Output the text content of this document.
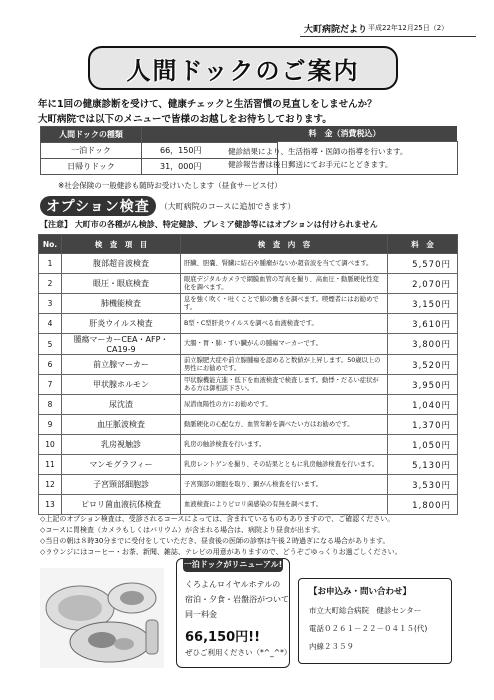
大町病院だより 平成22年12月25日（2）
人間ドックのご案内
年に1回の健康診断を受けて、健康チェックと生活習慣の見直しをしませんか？
大町病院では以下のメニューで皆様のお越しをお待ちしております。
人間ドックの種類	
一泊ドック	66，150円
日帰りドック	31，000円
料　金（消費税込）
健診結果により、生活指導・医師の指導を行います。
健診報告書は後日郵送にてお手元にとどきます。
※社会保険の一般健診も随時お受けいたします（昼食サービス付）
オプション検査	（大町病院のコースに追加できます）
【注意】 大町市の各種がん検診、特定健診、プレミア健診等にはオプションは付けられません
No.	検　査　項　目	検　査　内　容	料　金
1	腹部超音波検査	肝臓、胆嚢、腎臓に結石や腫瘤がないか超音波を当てて調べます。	5,570円
2	眼圧・眼底検査	眼底デジタルカメラで網膜血管の写真を撮り、高血圧・動脈硬化性変化を調べます。	2,070円
3	肺機能検査	息を強く吹く・吐くことで肺の働きを調べます。喫煙者にはお勧めです。	3,150円
4	肝炎ウイルス検査	B型・C型肝炎ウイルスを調べる血液検査です。	3,610円
5	腫瘍マーカーCEA・AFP・CA19-9	大腸・胃・肺・すい臓がんの腫瘍マーカーです。	3,800円
6	前立腺マーカー	前立腺肥大症や前立腺腫瘍を認めると数値が上昇します。50歳以上の男性にお勧めです。	3,520円
7	甲状腺ホルモン	甲状腺機能亢進・低下を血液検査で検査します。動悸・だるい症状がある方は御相談下さい。	3,950円
8	尿沈渣	尿潜血陽性の方にお勧めです。	1,040円
9	血圧脈波検査	動脈硬化の心配な方、血管年齢を調べたい方はお勧めです。	1,370円
10	乳房視触診	乳房の触診検査を行います。	1,050円
11	マンモグラフィー	乳房レントゲンを撮り、その結果とともに乳房触診検査を行います。	5,130円
12	子宮頸部細胞診	子宮頸部の細胞を取り、顕がん検査を行います。	3,530円
13	ピロリ菌血液抗体検査	血液検査によりピロリ菌感染の有無を調べます。	1,800円
◇上記のオプション検査は、受診されるコースによっては、含まれているものもありますので、ご確認ください。
◇コースに胃検査（カメラもしくはバリウム）が含まれる場合は、病院より昼食が出ます。
◇当日の朝は８時30分までに受付をしていただき、昼食後の医師の診察は午後２時過ぎになる場合があります。
◇ラウンジにはコーヒー・お茶、新聞、雑誌、テレビの用意がありますので、どうぞごゆっくりお過ごしください。
一泊ドックがリニューアル!
くろよんロイヤルホテルの
宿泊・夕食・岩盤浴がついて
同一料金
66,150円!!
ぜひご利用ください（*^_^*）
【お申込み・問い合わせ】
市立大町総合病院　健診センター
電話０２６１－２２－０４１５(代)
内線２３５９
